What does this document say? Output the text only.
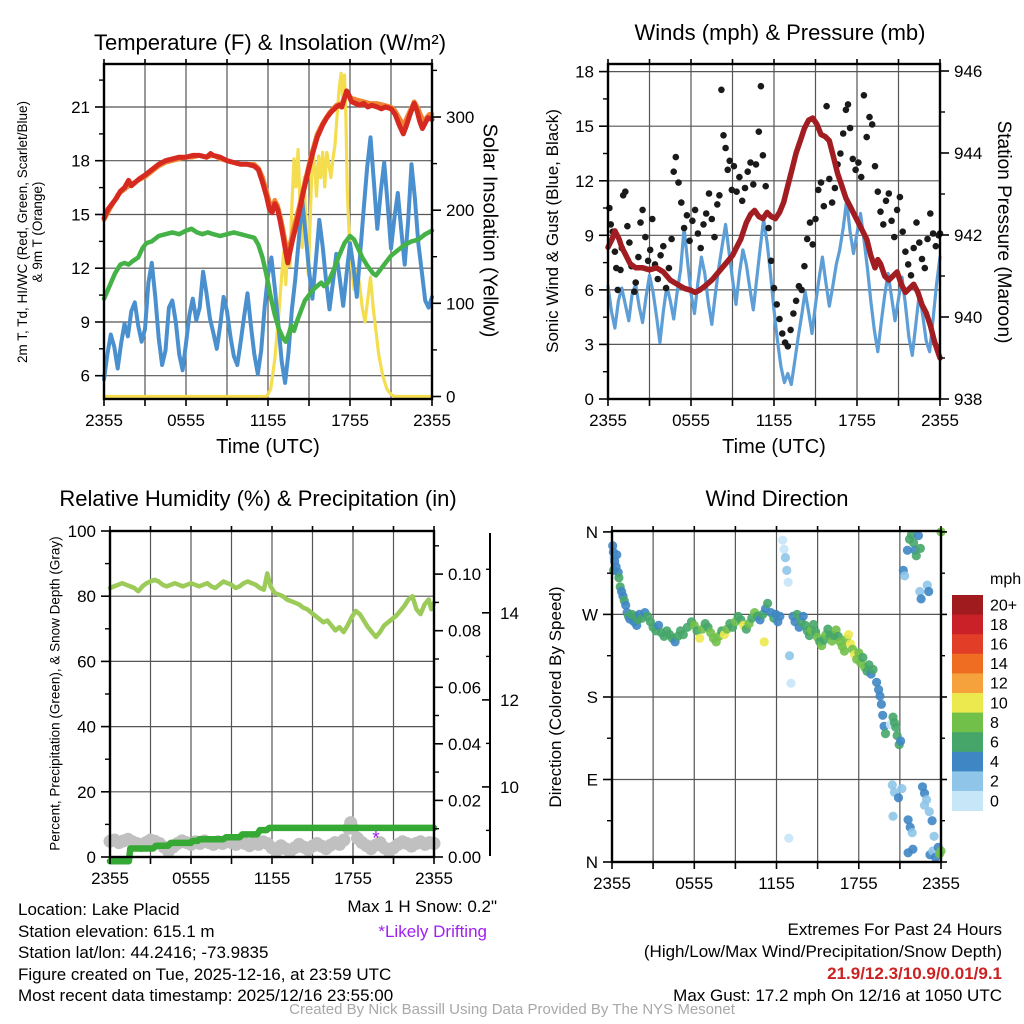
2355	0555	1155	1755	2355
6
9
12
15
18
21
0
100
200
300
2355	0555	1155	1755	2355
0
3
6
9
12
15
18
938
940
942
944
946
*
2355	0555	1155	1755	2355
0
20
40
60
80
100
0.00
0.02
0.04
0.06
0.08
0.10
10
12
14
2355	0555	1155	1755	2355
N
W
S
E
N
mph
20+
18
16
14
12
10
8
6
4
2
0
Temperature (F) & Insolation (W/m²)	Winds (mph) & Pressure (mb)
Relative Humidity (%) & Precipitation (in)	Wind Direction
Time (UTC)	Time (UTC)
2m T, Td, HI/WC (Red, Green, Scarlet/Blue) & 9m T (Orange)	Solar Insolation (Yellow)	Sonic Wind & Gust (Blue, Black)	Station Pressure (Maroon)
Percent, Precipitation (Green), & Snow Depth (Gray)	Direction (Colored By Speed)
Location: Lake Placid
Station elevation: 615.1 m
Station lat/lon: 44.2416; -73.9835
Figure created on Tue, 2025-12-16, at 23:59 UTC
Most recent data timestamp: 2025/12/16 23:55:00
Max 1 H Snow: 0.2"
*Likely Drifting	Extremes For Past 24 Hours
(High/Low/Max Wind/Precipitation/Snow Depth)
21.9/12.3/10.9/0.01/9.1
Max Gust: 17.2 mph On 12/16 at 1050 UTC
Created By Nick Bassill Using Data Provided By The NYS Mesonet
